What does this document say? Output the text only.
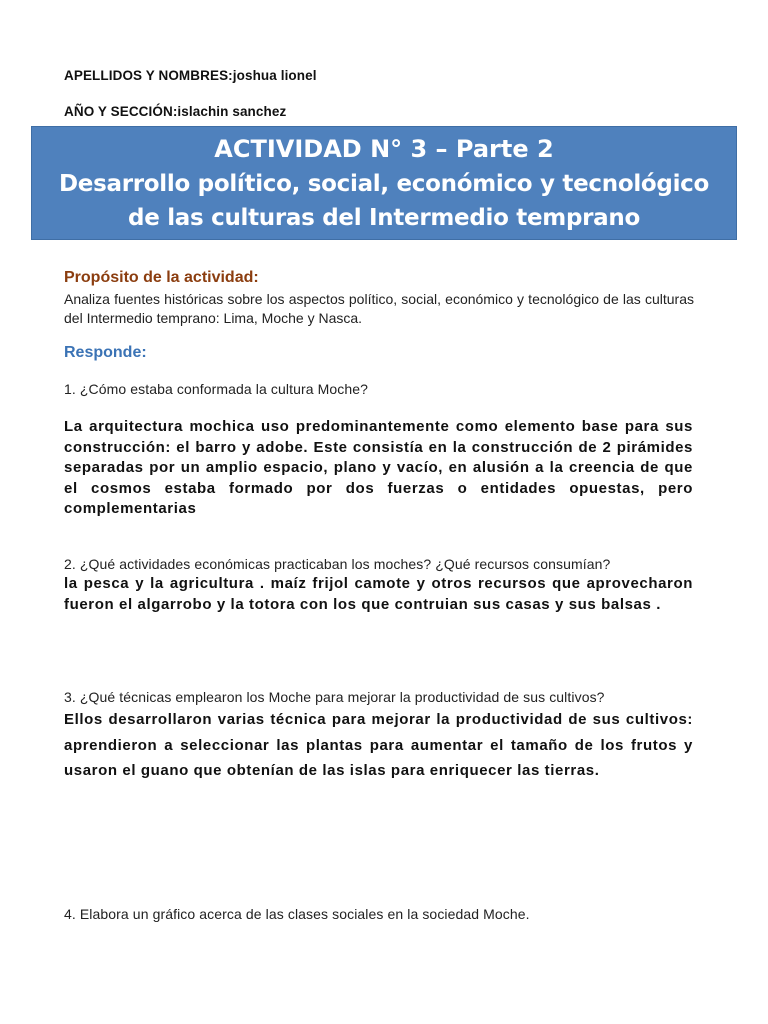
APELLIDOS Y NOMBRES:joshua lionel
AÑO Y SECCIÓN:islachin sanchez
ACTIVIDAD N° 3 – Parte 2
Desarrollo político, social, económico y tecnológico
de las culturas del Intermedio temprano
Propósito de la actividad:
Analiza fuentes históricas sobre los aspectos político, social, económico y tecnológico de las culturas del Intermedio temprano: Lima, Moche y Nasca.
Responde:
1. ¿Cómo estaba conformada la cultura Moche?
La arquitectura mochica uso predominantemente como elemento base para sus construcción: el barro y adobe. Este consistía en la construcción de 2 pirámides separadas por un amplio espacio, plano y vacío, en alusión a la creencia de que el cosmos estaba formado por dos fuerzas o entidades opuestas, pero complementarias
2. ¿Qué actividades económicas practicaban los moches? ¿Qué recursos consumían?
la pesca y la agricultura . maíz frijol camote y otros recursos que aprovecharon fueron el algarrobo y la totora con los que contruian sus casas y sus balsas .
3. ¿Qué técnicas emplearon los Moche para mejorar la productividad de sus cultivos?
Ellos desarrollaron varias técnica para mejorar la productividad de sus cultivos: aprendieron a seleccionar las plantas para aumentar el tamaño de los frutos y usaron el guano que obtenían de las islas para enriquecer las tierras.
4. Elabora un gráfico acerca de las clases sociales en la sociedad Moche.
